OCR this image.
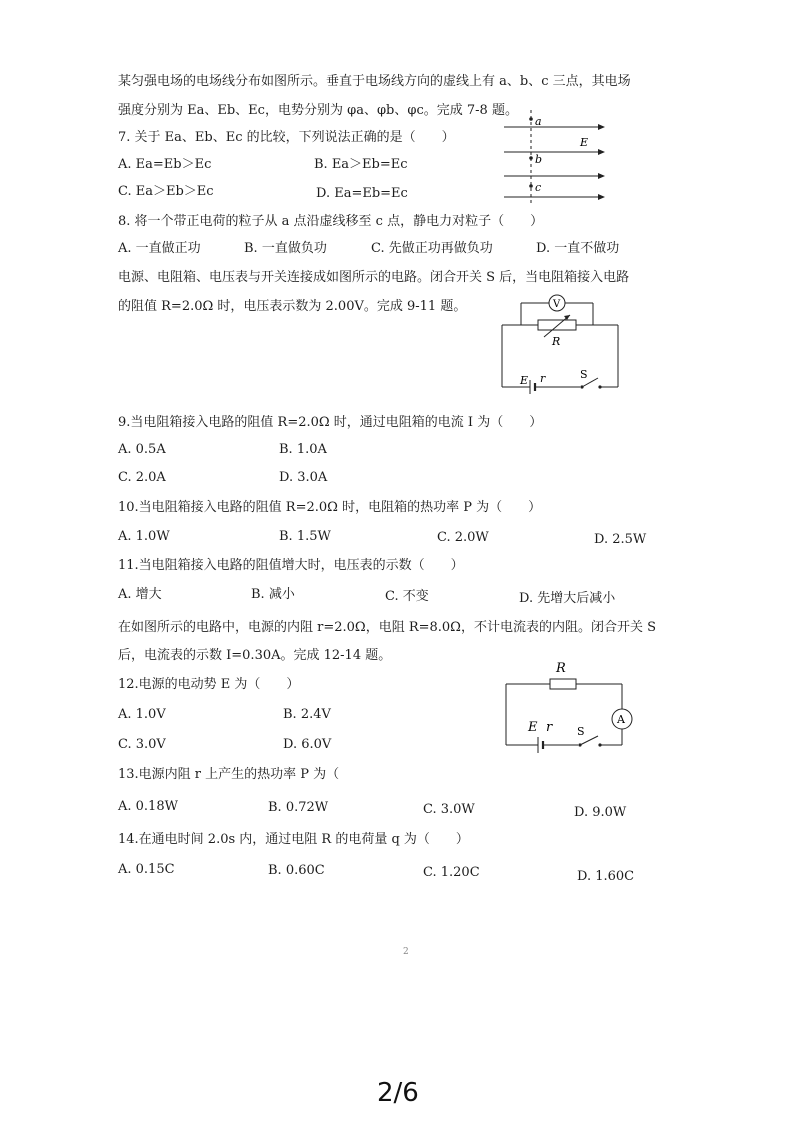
某匀强电场的电场线分布如图所示。垂直于电场线方向的虚线上有 a、b、c 三点，其电场
强度分别为 Ea、Eb、Ec，电势分别为 φa、φb、φc。完成 7-8 题。
7. 关于 Ea、Eb、Ec 的比较，下列说法正确的是（　　）
A. Ea=Eb＞Ec	B. Ea＞Eb=Ec
C. Ea＞Eb＞Ec	D. Ea=Eb=Ec
a
b
c
E
8. 将一个带正电荷的粒子从 a 点沿虚线移至 c 点，静电力对粒子（　　）
A. 一直做正功	B. 一直做负功	C. 先做正功再做负功	D. 一直不做功
电源、电阻箱、电压表与开关连接成如图所示的电路。闭合开关 S 后，当电阻箱接入电路
的阻值 R=2.0Ω 时，电压表示数为 2.00V。完成 9-11 题。	V
R
E r	S
9.当电阻箱接入电路的阻值 R=2.0Ω 时，通过电阻箱的电流 I 为（　　）
A. 0.5A	B. 1.0A
C. 2.0A	D. 3.0A
10.当电阻箱接入电路的阻值 R=2.0Ω 时，电阻箱的热功率 P 为（　　）
A. 1.0W	B. 1.5W	C. 2.0W	D. 2.5W
11.当电阻箱接入电路的阻值增大时，电压表的示数（　　）
A. 增大	B. 减小	C. 不变	D. 先增大后减小
在如图所示的电路中，电源的内阻 r=2.0Ω，电阻 R=8.0Ω，不计电流表的内阻。闭合开关 S
后，电流表的示数 I=0.30A。完成 12-14 题。
R
A
E r S
12.电源的电动势 E 为（　　）
A. 1.0V	B. 2.4V
C. 3.0V	D. 6.0V
13.电源内阻 r 上产生的热功率 P 为（
A. 0.18W	B. 0.72W	C. 3.0W	D. 9.0W
14.在通电时间 2.0s 内，通过电阻 R 的电荷量 q 为（　　）
A. 0.15C	B. 0.60C	C. 1.20C	D. 1.60C
2
2/6
